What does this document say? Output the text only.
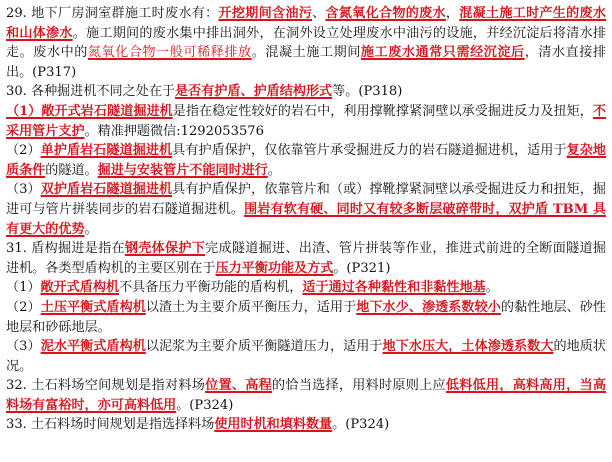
29. 地下厂房洞室群施工时废水有：开挖期间含油污、含氮氧化合物的废水，混凝土施工时产生的废水和山体渗水。施工期间的废水集中排出洞外，在洞外设立处理废水中油污的设施，并经沉淀后将清水排走。废水中的氮氧化合物一般可稀释排放。混凝土施工期间施工废水通常只需经沉淀后，清水直接排出。(P317)

30. 各种掘进机不同之处在于是否有护盾、护盾结构形式等。(P318)

（1）敞开式岩石隧道掘进机是指在稳定性较好的岩石中，利用撑靴撑紧洞壁以承受掘进反力及扭矩，不采用管片支护。精准押题微信:1292053576

（2）单护盾岩石隧道掘进机具有护盾保护，仅依靠管片承受掘进反力的岩石隧道掘进机，适用于复杂地质条件的隧道。掘进与安装管片不能同时进行。

（3）双护盾岩石隧道掘进机具有护盾保护，依靠管片和（或）撑靴撑紧洞壁以承受掘进反力和扭矩，掘进可与管片拼装同步的岩石隧道掘进机。围岩有软有硬、同时又有较多断层破碎带时，双护盾 TBM 具有更大的优势。

31. 盾构掘进是指在钢壳体保护下完成隧道掘进、出渣、管片拼装等作业，推进式前进的全断面隧道掘进机。各类型盾构机的主要区别在于压力平衡功能及方式。(P321)

（1）敞开式盾构机不具备压力平衡功能的盾构机，适于通过各种黏性和非黏性地基。

（2）土压平衡式盾构机以渣土为主要介质平衡压力，适用于地下水少、渗透系数较小的黏性地层、砂性地层和砂砾地层。

（3）泥水平衡式盾构机以泥浆为主要介质平衡隧道压力，适用于地下水压大，土体渗透系数大的地质状况。

32. 土石料场空间规划是指对料场位置、高程的恰当选择，用料时原则上应低料低用，高料高用，当高料场有富裕时，亦可高料低用。(P324)

33. 土石料场时间规划是指选择料场使用时机和填料数量。(P324)
